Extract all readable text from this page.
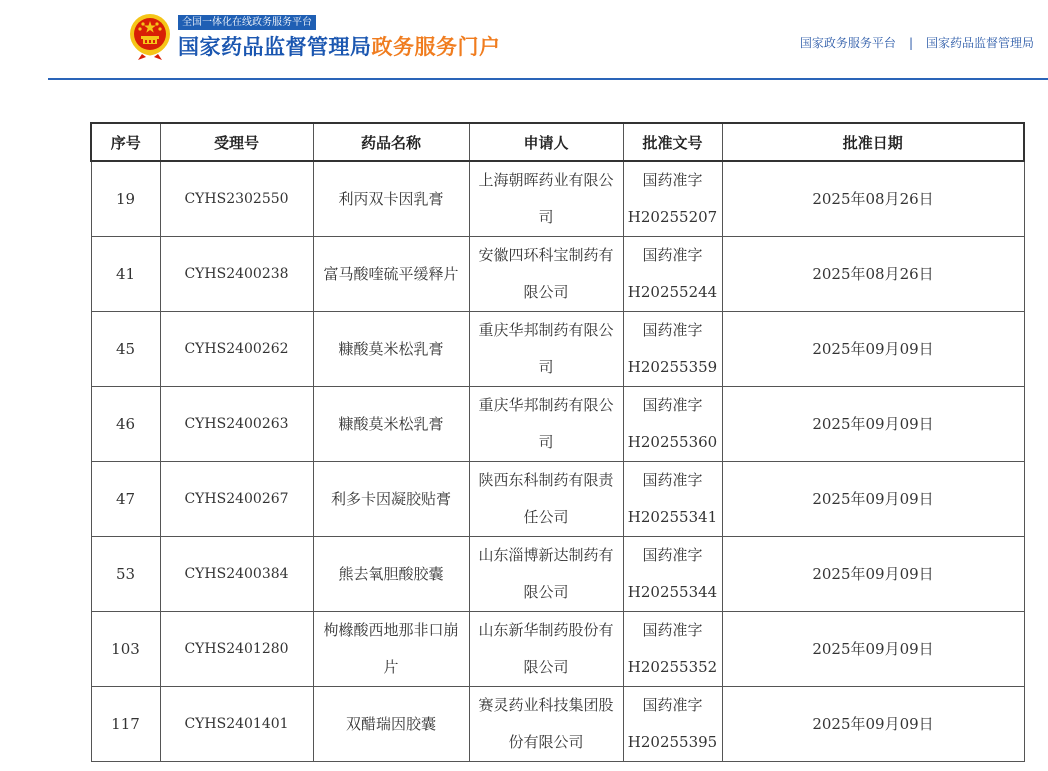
全国一体化在线政务服务平台
国家药品监督管理局政务服务门户	国家政务服务平台 | 国家药品监督管理局
序号	受理号	药品名称	申请人	批准文号	批准日期
19	CYHS2302550	利丙双卡因乳膏	上海朝晖药业有限公司	国药准字H20255207	2025年08月26日
41	CYHS2400238	富马酸喹硫平缓释片	安徽四环科宝制药有限公司	国药准字H20255244	2025年08月26日
45	CYHS2400262	糠酸莫米松乳膏	重庆华邦制药有限公司	国药准字H20255359	2025年09月09日
46	CYHS2400263	糠酸莫米松乳膏	重庆华邦制药有限公司	国药准字H20255360	2025年09月09日
47	CYHS2400267	利多卡因凝胶贴膏	陕西东科制药有限责任公司	国药准字H20255341	2025年09月09日
53	CYHS2400384	熊去氧胆酸胶囊	山东淄博新达制药有限公司	国药准字H20255344	2025年09月09日
103	CYHS2401280	枸橼酸西地那非口崩片	山东新华制药股份有限公司	国药准字H20255352	2025年09月09日
117	CYHS2401401	双醋瑞因胶囊	赛灵药业科技集团股份有限公司	国药准字H20255395	2025年09月09日
